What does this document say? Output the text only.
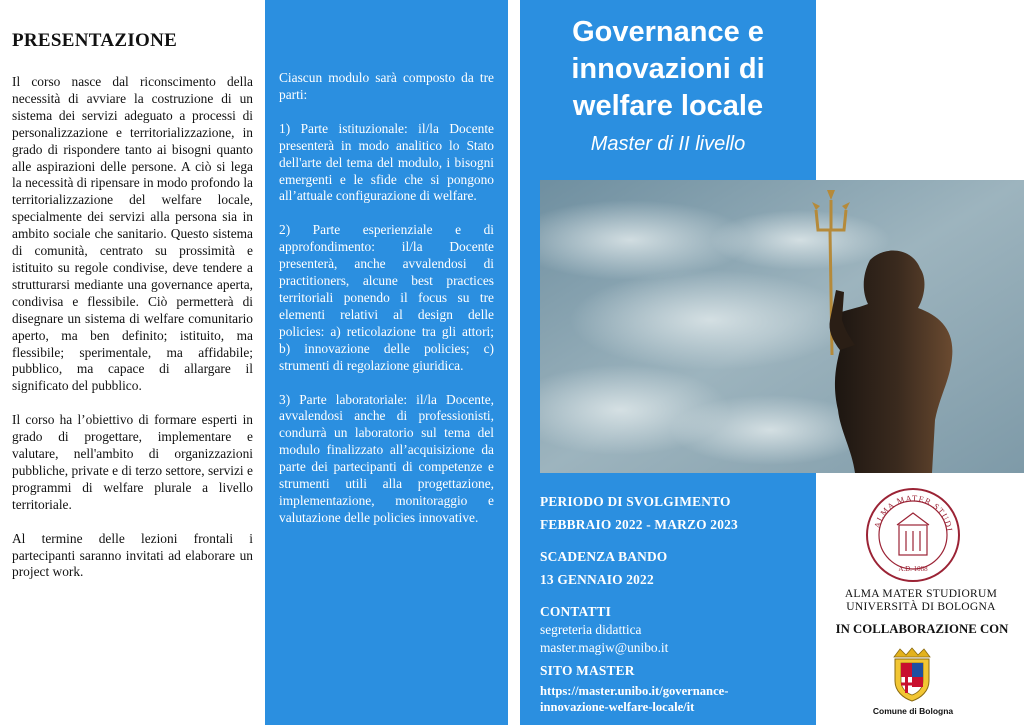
PRESENTAZIONE

Il corso nasce dal riconscimento della necessità di avviare la costruzione di un sistema dei servizi adeguato a processi di personalizzazione e territorializzazione, in grado di rispondere tanto ai bisogni quanto alle aspirazioni delle persone. A ciò si lega la necessità di ripensare in modo profondo la territorializzazione del welfare locale, specialmente dei servizi alla persona sia in ambito sociale che sanitario. Questo sistema di comunità, centrato su prossimità e istituito su regole condivise, deve tendere a strutturarsi mediante una governance aperta, condivisa e flessibile. Ciò permetterà di disegnare un sistema di welfare comunitario aperto, ma ben definito; istituito, ma flessibile; sperimentale, ma affidabile; pubblico, ma capace di allargare il significato del pubblico.

Il corso ha l’obiettivo di formare esperti in grado di progettare, implementare e valutare, nell'ambito di organizzazioni pubbliche, private e di terzo settore, servizi e programmi di welfare plurale a livello territoriale.

Al termine delle lezioni frontali i partecipanti saranno invitati ad elaborare un project work.

Ciascun modulo sarà composto da tre parti:

1) Parte istituzionale: il/la Docente presenterà in modo analitico lo Stato dell'arte del tema del modulo, i bisogni emergenti e le sfide che si pongono all’attuale configurazione di welfare.

2) Parte esperienziale e di approfondimento: il/la Docente presenterà, anche avvalendosi di practitioners, alcune best practices territoriali ponendo il focus su tre elementi relativi al design delle policies: a) reticolazione tra gli attori; b) innovazione delle policies; c) strumenti di regolazione giuridica.

3) Parte laboratoriale: il/la Docente, avvalendosi anche di professionisti, condurrà un laboratorio sul tema del modulo finalizzato all’acquisizione da parte dei partecipanti di competenze e strumenti utili alla progettazione, implementazione, monitoraggio e valutazione delle policies innovative.

Governance e
innovazioni di
welfare locale
Master di II livello
PERIODO DI SVOLGIMENTO
FEBBRAIO 2022 - MARZO 2023
SCADENZA BANDO
13 GENNAIO 2022
CONTATTI
segreteria didattica
master.magiw@unibo.it
SITO MASTER
https://master.unibo.it/governance-
innovazione-welfare-locale/it
ALMA MATER STUDI
A.D. 1088
ALMA MATER STUDIORUM
UNIVERSITÀ DI BOLOGNA
IN COLLABORAZIONE CON
Comune di Bologna
